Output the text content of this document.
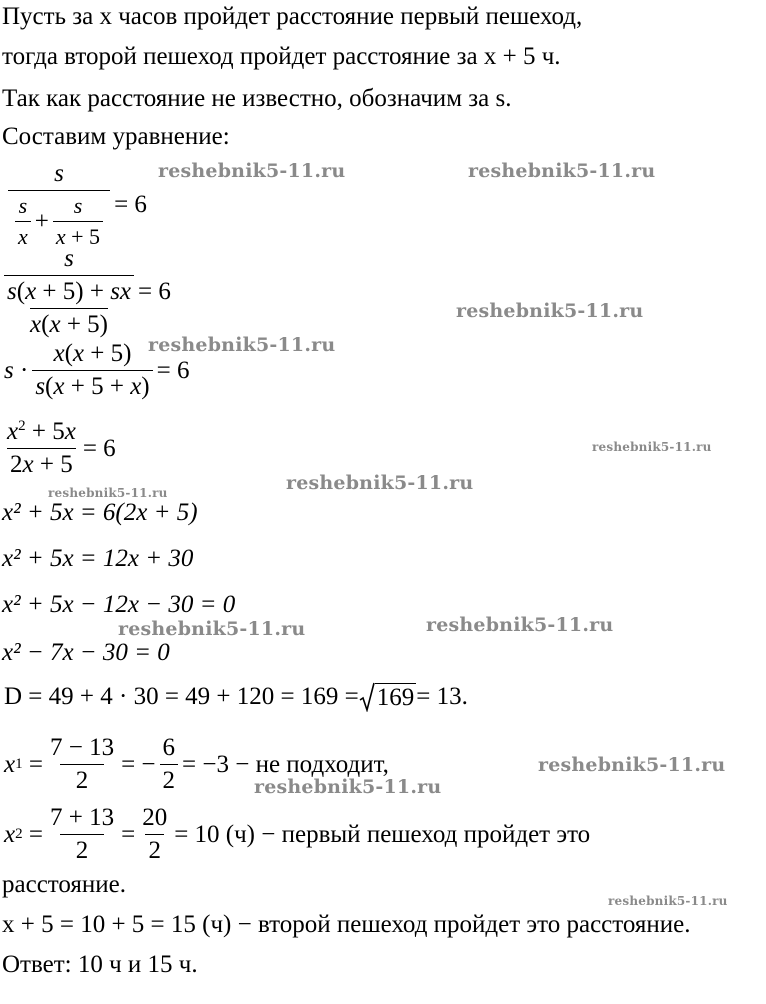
Пусть за x часов пройдет расстояние первый пешеход,
тогда второй пешеход пройдет расстояние за x + 5 ч.
Так как расстояние не известно, обозначим за s.
Составим уравнение:
$\frac{s}{\frac{s}{x} + \frac{s}{x + 5}} = 6$
s
s(x + 5) + sx
x(x + 5) = 6
$s \cdot \frac{x(x + 5)}{s(x + 5 + x)} = 6$
$\frac{x^2 + 5x}{2x + 5} = 6$
x² + 5x = 6(2x + 5)
x² + 5x = 12x + 30
x² + 5x − 12x − 30 = 0
x² − 7x − 30 = 0
D = 49 + 4 · 30 = 49 + 120 = 169 = 169 = 13.
x $1 = \frac{7 - 13}{2}$ = − $\frac{6}{2} = -3$ − не подходит,
x $2 = \frac{7 + 13}{2} = \frac{20}{2} = 10$ (ч) − первый пешеход пройдет это
расстояние.
x + 5 = 10 + 5 = 15 (ч) − второй пешеход пройдет это расстояние.
Ответ: 10 ч и 15 ч.
reshebnik5-11.ru	reshebnik5-11.ru
reshebnik5-11.ru
reshebnik5-11.ru
reshebnik5-11.ru
reshebnik5-11.ru	reshebnik5-11.ru
reshebnik5-11.ru	reshebnik5-11.ru
reshebnik5-11.ru
reshebnik5-11.ru
reshebnik5-11.ru
